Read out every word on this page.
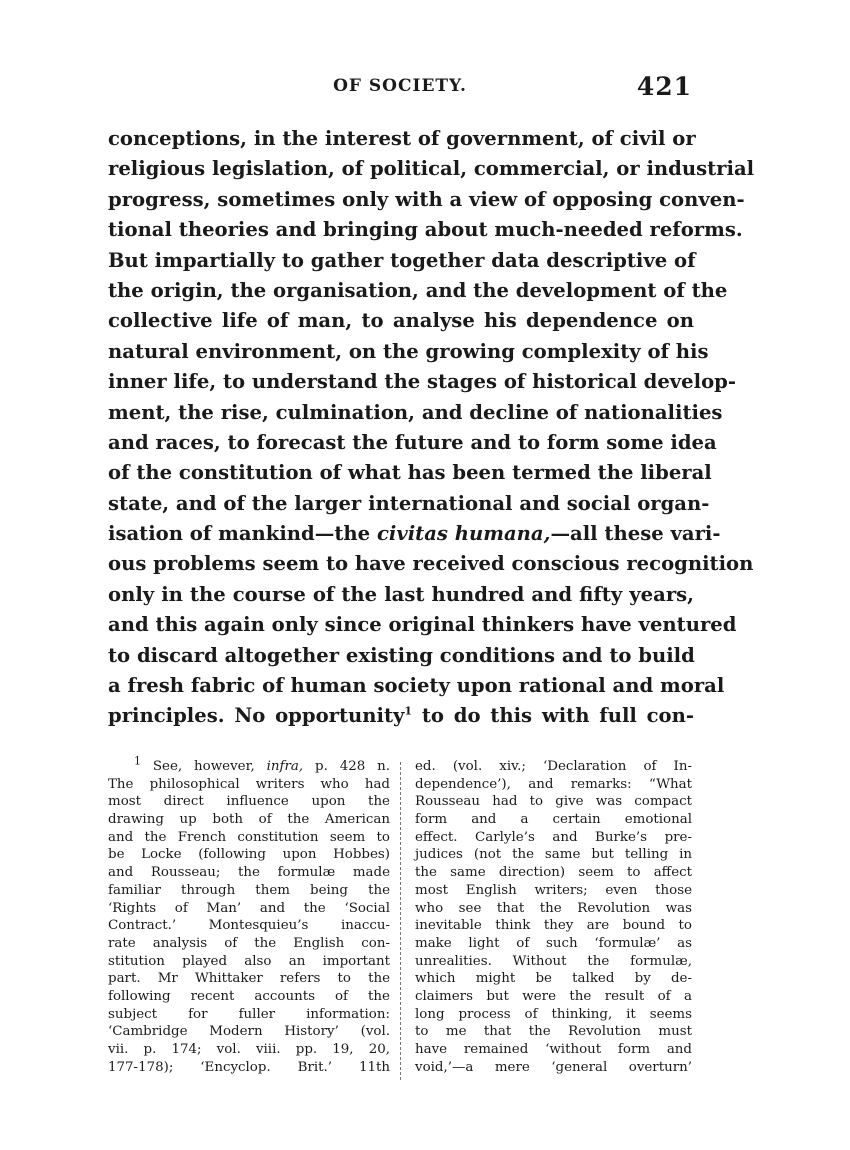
OF SOCIETY.	421
conceptions, in the interest of government, of civil or
religious legislation, of political, commercial, or industrial
progress, sometimes only with a view of opposing conven-
tional theories and bringing about much-needed reforms.
But impartially to gather together data descriptive of
the origin, the organisation, and the development of the
collective life of man, to analyse his dependence on
natural environment, on the growing complexity of his
inner life, to understand the stages of historical develop-
ment, the rise, culmination, and decline of nationalities
and races, to forecast the future and to form some idea
of the constitution of what has been termed the liberal
state, and of the larger international and social organ-
isation of mankind—the civitas humana,—all these vari-
ous problems seem to have received conscious recognition
only in the course of the last hundred and fifty years,
and this again only since original thinkers have ventured
to discard altogether existing conditions and to build
a fresh fabric of human society upon rational and moral
principles. No opportunity$^1$ to do this with full con-
$^1$ See, however, infra, p. 428 n.
The philosophical writers who had
most direct influence upon the
drawing up both of the American
and the French constitution seem to
be Locke (following upon Hobbes)
and Rousseau; the formulæ made
familiar through them being the
‘Rights of Man’ and the ‘Social
Contract.’ Montesquieu’s inaccu-
rate analysis of the English con-
stitution played also an important
part. Mr Whittaker refers to the
following recent accounts of the
subject for fuller information:
‘Cambridge Modern History’ (vol.
vii. p. 174; vol. viii. pp. 19, 20,
177-178); ‘Encyclop. Brit.’ 11th
ed. (vol. xiv.; ‘Declaration of In-
dependence’), and remarks: “What
Rousseau had to give was compact
form and a certain emotional
effect. Carlyle’s and Burke’s pre-
judices (not the same but telling in
the same direction) seem to affect
most English writers; even those
who see that the Revolution was
inevitable think they are bound to
make light of such ‘formulæ’ as
unrealities. Without the formulæ,
which might be talked by de-
claimers but were the result of a
long process of thinking, it seems
to me that the Revolution must
have remained ‘without form and
void,’—a mere ‘general overturn’
